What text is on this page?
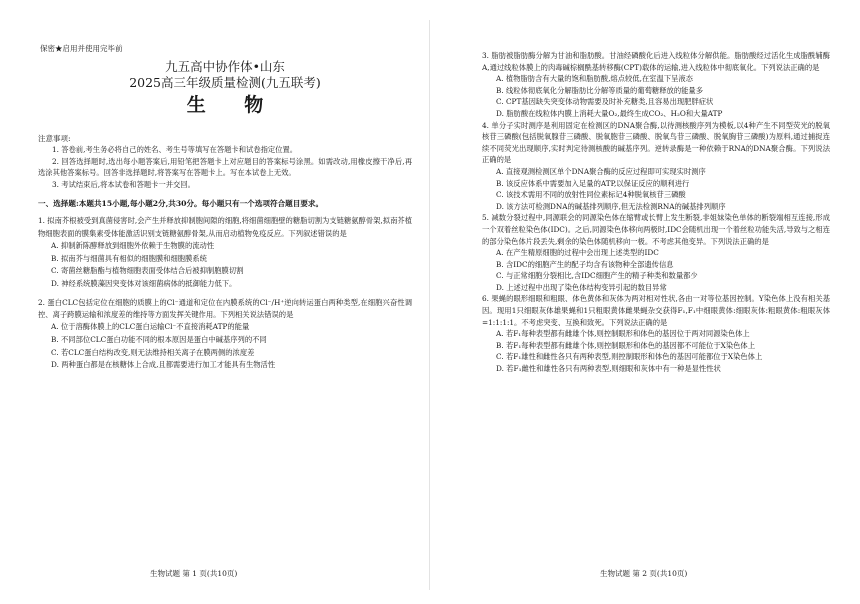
保密★启用并使用完毕前

九五高中协作体•山东

2025高三年级质量检测(九五联考)

生 物

注意事项:

1. 答卷前,考生务必将自己的姓名、考生号等填写在答题卡和试卷指定位置。

2. 回答选择题时,选出每小题答案后,用铅笔把答题卡上对应题目的答案标号涂黑。如需改动,用橡皮擦干净后,再选涂其他答案标号。回答非选择题时,将答案写在答题卡上。写在本试卷上无效。

3. 考试结束后,将本试卷和答题卡一并交回。

一、选择题:本题共15小题,每小题2分,共30分。每小题只有一个选项符合题目要求。

1. 拟南芥根被受到真菌侵害时,会产生并释放抑制胞间隙的细胞,将细菌细胞壁的糖脂切割为支链糖氨醇骨架,拟南芥植物细胞表面的膜集素受体能激活识别支链糖氨醇骨架,从而启动植物免疫反应。下列叙述错误的是

A. 抑制新陈酵释放到细胞外依赖于生物膜的流动性

B. 拟南芥与细菌具有相似的细胞膜和细胞膜系统

C. 寄菌丝糖脂酯与植物细胞表面受体结合后被抑制胞膜切割

D. 神经系统膜藻因突变体对该细菌病体的抵御能力低下。

2. 蛋白CLC包括定位在细胞的质膜上的Cl⁻通道和定位在内膜系统的Cl⁻/H⁺逆向转运蛋白两种类型,在细胞兴奋性调控、离子跨膜运输和浓度差的维持等方面发挥关键作用。下列相关说法错误的是

A. 位于溶酶体膜上的CLC蛋白运输Cl⁻不直接消耗ATP的能量

B. 不同部位CLC蛋白功能不同的根本原因是蛋白中碱基序列的不同

C. 若CLC蛋白结构改变,则无法维持相关离子在膜两侧的浓度差

D. 两种蛋白都是在核糖体上合成,且都需要进行加工才能具有生物活性

生物试题 第 1 页(共10页)

3. 脂肪被脂肪酶分解为甘油和脂肪酸。甘油经磷酸化后进入线粒体分解供能。脂肪酸经过活化生成脂酰辅酶A,通过线粒体膜上的肉毒碱棕榈酰基转移酶(CPT)载体的运输,进入线粒体中彻底氧化。下列说法正确的是

A. 植物脂肪含有大量的饱和脂肪酸,熔点较低,在室温下呈液态

B. 线粒体彻底氧化分解脂肪比分解等质量的葡萄糖释放的能量多

C. CPT基因缺失突变体动物需要及时补充糖类,且容易出现肥胖症状

D. 脂肪酸在线粒体内膜上消耗大量O₂,最终生成CO₂、H₂O和大量ATP

4. 单分子实时测序是利用固定在检测区的DNA聚合酶,以待测核酸序列为模板,以4种产生不同型荧光的脱氧核苷三磷酸(包括脱氧腺苷三磷酸、脱氧胞苷三磷酸、脱氧鸟苷三磷酸、脱氧胸苷三磷酸)为原料,通过捕捉连续不同荧光出现顺序,实时判定待测核酸的碱基序列。逆转录酶是一种依赖于RNA的DNA聚合酶。下列说法正确的是

A. 直接观测检测区单个DNA聚合酶的反应过程即可实现实时测序

B. 该反应体系中需要加入足量的ATP,以保证反应的顺利进行

C. 该技术需用不同的放射性同位素标记4种脱氧核苷三磷酸

D. 该方法可检测DNA的碱基排列顺序,但无法检测RNA的碱基排列顺序

5. 减数分裂过程中,同源联会的同源染色体在缩臂或长臂上发生断裂,非姐妹染色单体的断裂端相互连接,形成一个双着丝粒染色体(IDC)。之后,同源染色体移向两极时,IDC会随机出现一个着丝粒功能失活,导致与之相连的部分染色体片段丢失,剩余的染色体随机移向一极。不考虑其他变异。下列说法正确的是

A. 在产生精原细胞的过程中会出现上述类型的IDC

B. 含IDC的细胞产生的配子均含有该物种全部遗传信息

C. 与正常细胞分裂相比,含IDC细胞产生的精子种类和数量都少

D. 上述过程中出现了染色体结构变异引起的数目异常

6. 果蝇的眼形细眼和粗眼、体色黄体和灰体为两对相对性状,各由一对等位基因控制。Y染色体上没有相关基因。现用1只细眼灰体雄果蝇和1只粗眼黄体雌果蝇杂交获得F₁,F₁中细眼黄体:细眼灰体:粗眼黄体:粗眼灰体=1:1:1:1。不考虑突变、互换和致死。下列说法正确的是

A. 若F₁每种表型都有雌雄个体,则控制眼形和体色的基因位于两对同源染色体上

B. 若F₁每种表型都有雌雄个体,则控制眼形和体色的基因都不可能位于X染色体上

C. 若F₁雄性和雌性各只有两种表型,则控制眼形和体色的基因可能都位于X染色体上

D. 若F₁雌性和雄性各只有两种表型,则细眼和灰体中有一种是显性性状

生物试题 第 2 页(共10页)
